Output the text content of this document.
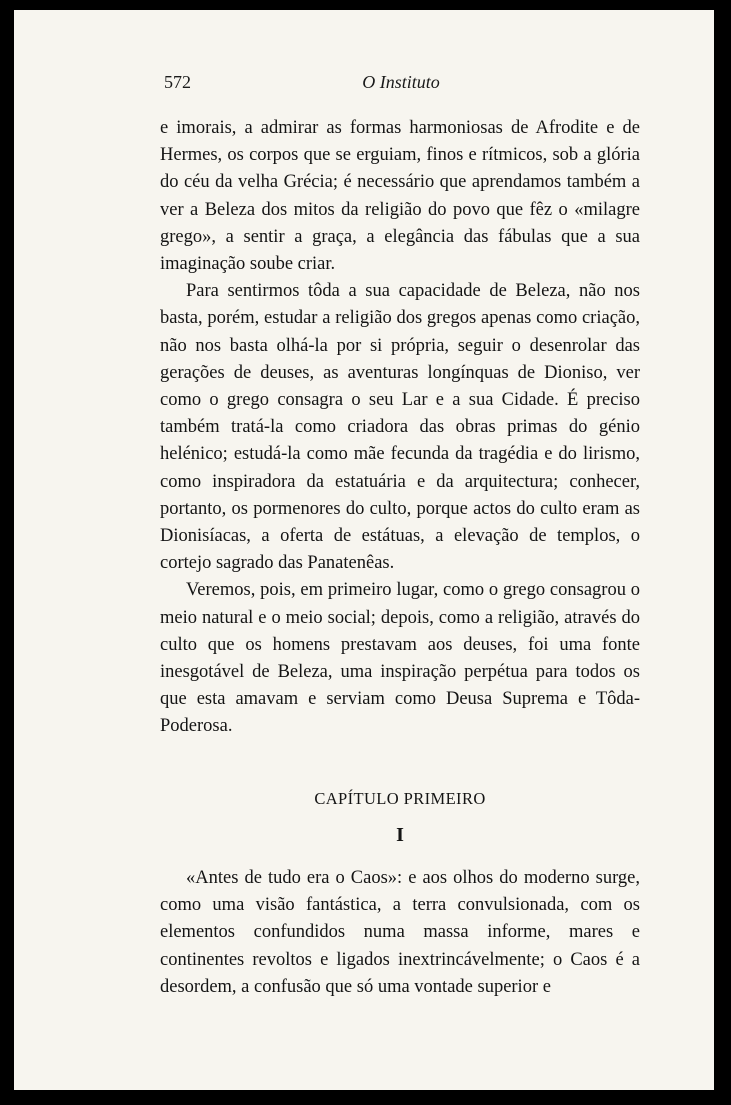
572	O Instituto

e imorais, a admirar as formas harmoniosas de Afrodite e de Hermes, os corpos que se erguiam, finos e rítmicos, sob a glória do céu da velha Grécia; é necessário que aprendamos também a ver a Beleza dos mitos da religião do povo que fêz o «milagre grego», a sentir a graça, a elegância das fábulas que a sua imaginação soube criar.

Para sentirmos tôda a sua capacidade de Beleza, não nos basta, porém, estudar a religião dos gregos apenas como criação, não nos basta olhá-la por si própria, seguir o desenrolar das gerações de deuses, as aventuras longínquas de Dioniso, ver como o grego consagra o seu Lar e a sua Cidade. É preciso também tratá-la como criadora das obras primas do génio helénico; estudá-la como mãe fecunda da tragédia e do lirismo, como inspiradora da estatuária e da arquitectura; conhecer, portanto, os pormenores do culto, porque actos do culto eram as Dionisíacas, a oferta de estátuas, a elevação de templos, o cortejo sagrado das Panatenêas.

Veremos, pois, em primeiro lugar, como o grego consagrou o meio natural e o meio social; depois, como a religião, através do culto que os homens prestavam aos deuses, foi uma fonte inesgotável de Beleza, uma inspiração perpétua para todos os que esta amavam e serviam como Deusa Suprema e Tôda-Poderosa.

CAPÍTULO PRIMEIRO

I

«Antes de tudo era o Caos»: e aos olhos do moderno surge, como uma visão fantástica, a terra convulsionada, com os elementos confundidos numa massa informe, mares e continentes revoltos e ligados inextrincávelmente; o Caos é a desordem, a confusão que só uma vontade superior e
